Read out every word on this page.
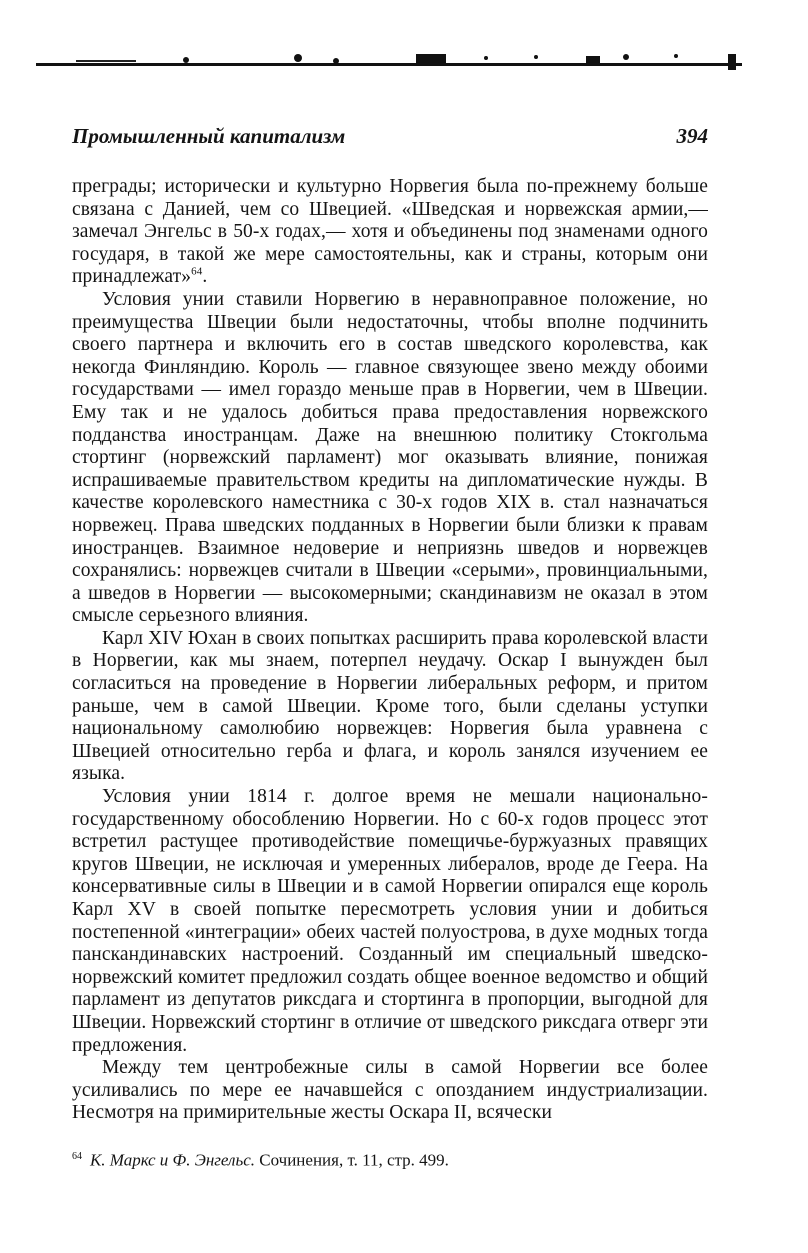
Промышленный капитализм	394

преграды; исторически и культурно Норвегия была по-прежнему больше связана с Данией, чем со Швецией. «Шведская и норвежская армии,— замечал Энгельс в 50-х годах,— хотя и объединены под знаменами одного государя, в такой же мере самостоятельны, как и страны, которым они принадлежат»$^{64}$.

Условия унии ставили Норвегию в неравноправное положение, но преимущества Швеции были недостаточны, чтобы вполне подчинить своего партнера и включить его в состав шведского королевства, как некогда Финляндию. Король — главное связующее звено между обоими государствами — имел гораздо меньше прав в Норвегии, чем в Швеции. Ему так и не удалось добиться права предоставления норвежского подданства иностранцам. Даже на внешнюю политику Стокгольма стортинг (норвежский парламент) мог оказывать влияние, понижая испрашиваемые правительством кредиты на дипломатические нужды. В качестве королевского наместника с 30-х годов XIX в. стал назначаться норвежец. Права шведских подданных в Норвегии были близки к правам иностранцев. Взаимное недоверие и неприязнь шведов и норвежцев сохранялись: норвежцев считали в Швеции «серыми», провинциальными, а шведов в Норвегии — высокомерными; скандинавизм не оказал в этом смысле серьезного влияния.

Карл XIV Юхан в своих попытках расширить права королевской власти в Норвегии, как мы знаем, потерпел неудачу. Оскар I вынужден был согласиться на проведение в Норвегии либеральных реформ, и притом раньше, чем в самой Швеции. Кроме того, были сделаны уступки национальному самолюбию норвежцев: Норвегия была уравнена с Швецией относительно герба и флага, и король занялся изучением ее языка.

Условия унии 1814 г. долгое время не мешали национально-государственному обособлению Норвегии. Но с 60-х годов процесс этот встретил растущее противодействие помещичье-буржуазных правящих кругов Швеции, не исключая и умеренных либералов, вроде де Геера. На консервативные силы в Швеции и в самой Норвегии опирался еще король Карл XV в своей попытке пересмотреть условия унии и добиться постепенной «интеграции» обеих частей полуострова, в духе модных тогда панскандинавских настроений. Созданный им специальный шведско-норвежский комитет предложил создать общее военное ведомство и общий парламент из депутатов риксдага и стортинга в пропорции, выгодной для Швеции. Норвежский стортинг в отличие от шведского риксдага отверг эти предложения.

Между тем центробежные силы в самой Норвегии все более усиливались по мере ее начавшейся с опозданием индустриализации. Несмотря на примирительные жесты Оскара II, всячески

$^{64}$ К. Маркс и Ф. Энгельс. Сочинения, т. 11, стр. 499.
